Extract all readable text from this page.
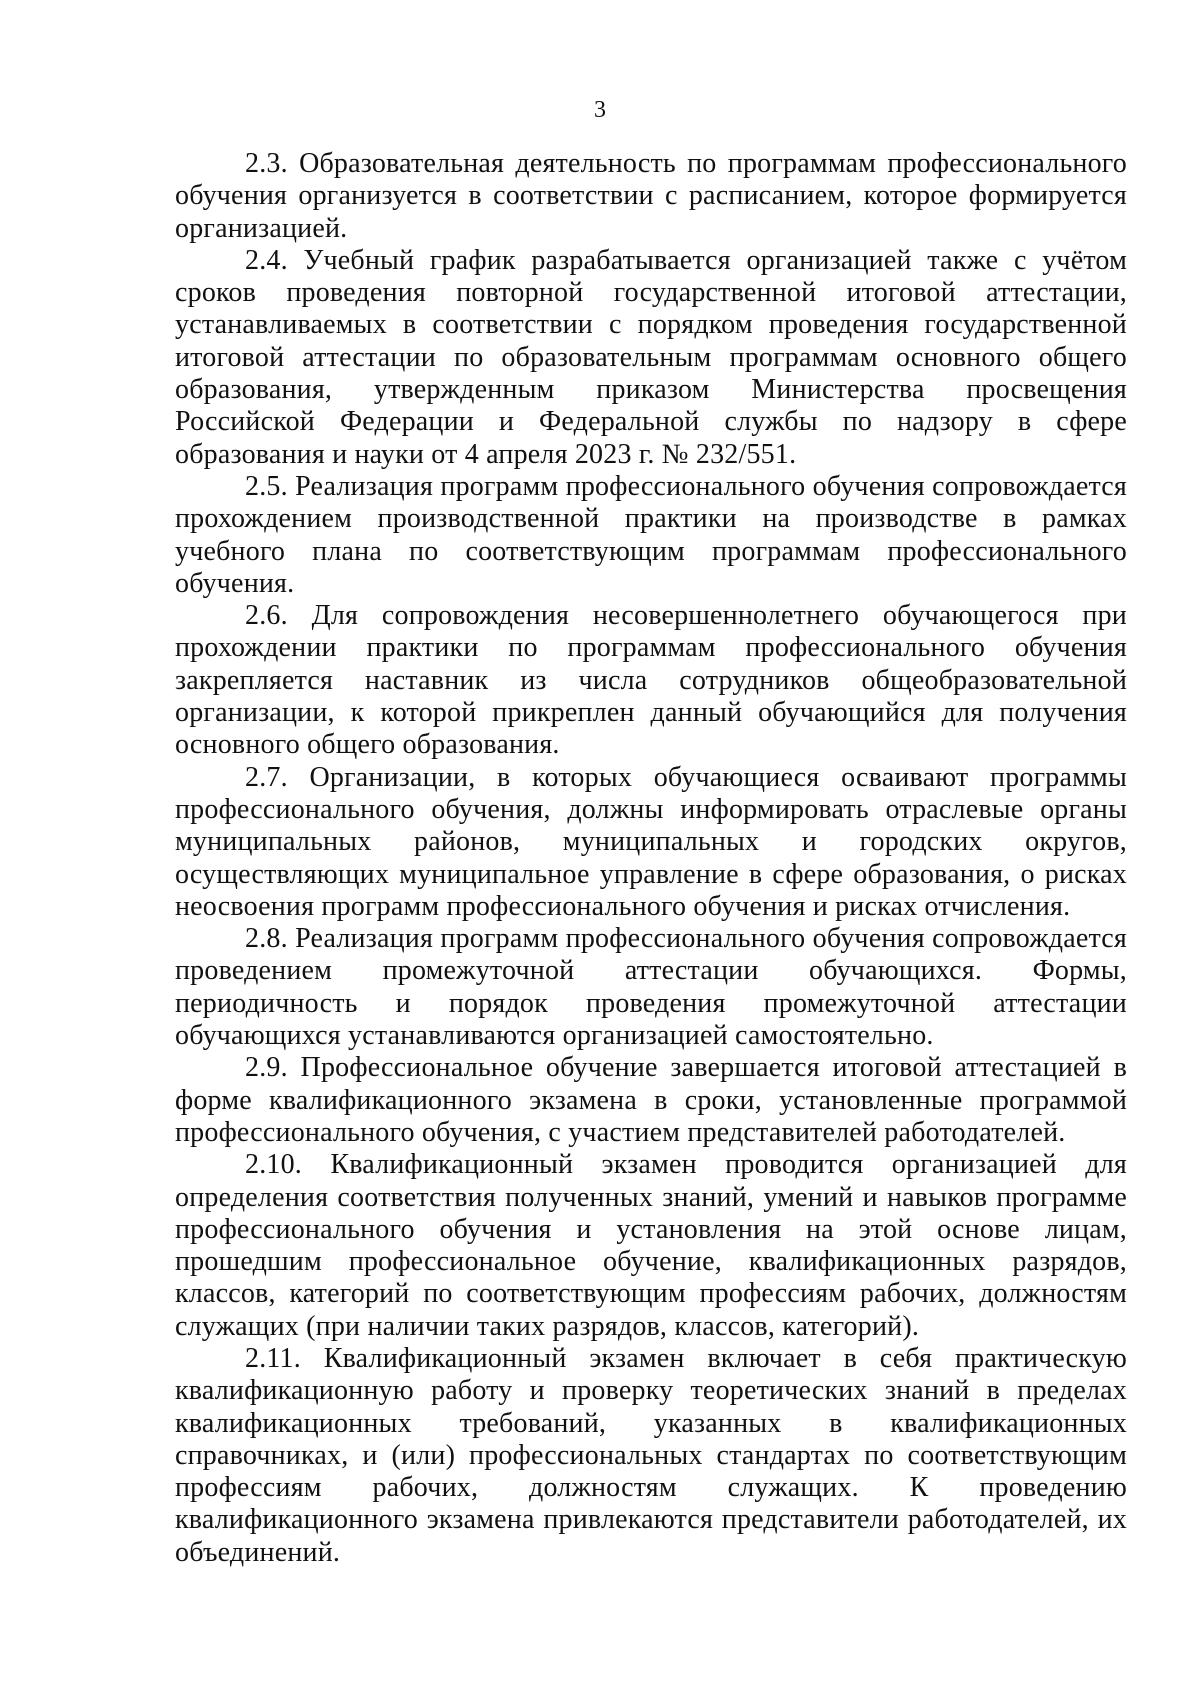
3

2.3. Образовательная деятельность по программам профессионального обучения организуется в соответствии с расписанием, которое формируется организацией.

2.4. Учебный график разрабатывается организацией также с учётом сроков проведения повторной государственной итоговой аттестации, устанавливаемых в соответствии с порядком проведения государственной итоговой аттестации по образовательным программам основного общего образования, утвержденным приказом Министерства просвещения Российской Федерации и Федеральной службы по надзору в сфере образования и науки от 4 апреля 2023 г. № 232/551.

2.5. Реализация программ профессионального обучения сопровождается прохождением производственной практики на производстве в рамках учебного плана по соответствующим программам профессионального обучения.

2.6. Для сопровождения несовершеннолетнего обучающегося при прохождении практики по программам профессионального обучения закрепляется наставник из числа сотрудников общеобразовательной организации, к которой прикреплен данный обучающийся для получения основного общего образования.

2.7. Организации, в которых обучающиеся осваивают программы профессионального обучения, должны информировать отраслевые органы муниципальных районов, муниципальных и городских округов, осуществляющих муниципальное управление в сфере образования, о рисках неосвоения программ профессионального обучения и рисках отчисления.

2.8. Реализация программ профессионального обучения сопровождается проведением промежуточной аттестации обучающихся. Формы, периодичность и порядок проведения промежуточной аттестации обучающихся устанавливаются организацией самостоятельно.

2.9. Профессиональное обучение завершается итоговой аттестацией в форме квалификационного экзамена в сроки, установленные программой профессионального обучения, с участием представителей работодателей.

2.10. Квалификационный экзамен проводится организацией для определения соответствия полученных знаний, умений и навыков программе профессионального обучения и установления на этой основе лицам, прошедшим профессиональное обучение, квалификационных разрядов, классов, категорий по соответствующим профессиям рабочих, должностям служащих (при наличии таких разрядов, классов, категорий).

2.11. Квалификационный экзамен включает в себя практическую квалификационную работу и проверку теоретических знаний в пределах квалификационных требований, указанных в квалификационных справочниках, и (или) профессиональных стандартах по соответствующим профессиям рабочих, должностям служащих. К проведению квалификационного экзамена привлекаются представители работодателей, их объединений.
